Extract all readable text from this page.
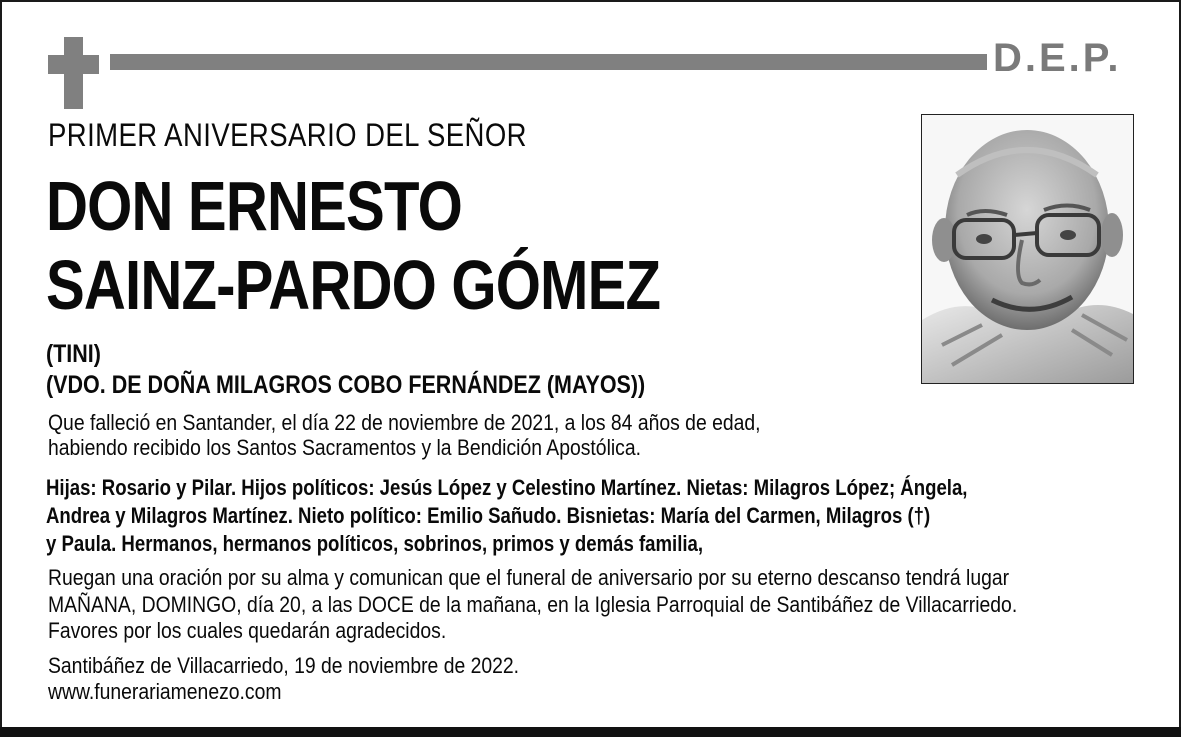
D.E.P.
PRIMER ANIVERSARIO DEL SEÑOR
DON ERNESTO
SAINZ-PARDO GÓMEZ
(TINI)
(VDO. DE DOÑA MILAGROS COBO FERNÁNDEZ (MAYOS))
Que falleció en Santander, el día 22 de noviembre de 2021, a los 84 años de edad,
habiendo recibido los Santos Sacramentos y la Bendición Apostólica.
Hijas: Rosario y Pilar. Hijos políticos: Jesús López y Celestino Martínez. Nietas: Milagros López; Ángela,
Andrea y Milagros Martínez. Nieto político: Emilio Sañudo. Bisnietas: María del Carmen, Milagros (†)
y Paula. Hermanos, hermanos políticos, sobrinos, primos y demás familia,
Ruegan una oración por su alma y comunican que el funeral de aniversario por su eterno descanso tendrá lugar
MAÑANA, DOMINGO, día 20, a las DOCE de la mañana, en la Iglesia Parroquial de Santibáñez de Villacarriedo.
Favores por los cuales quedarán agradecidos.
Santibáñez de Villacarriedo, 19 de noviembre de 2022.
www.funerariamenezo.com
